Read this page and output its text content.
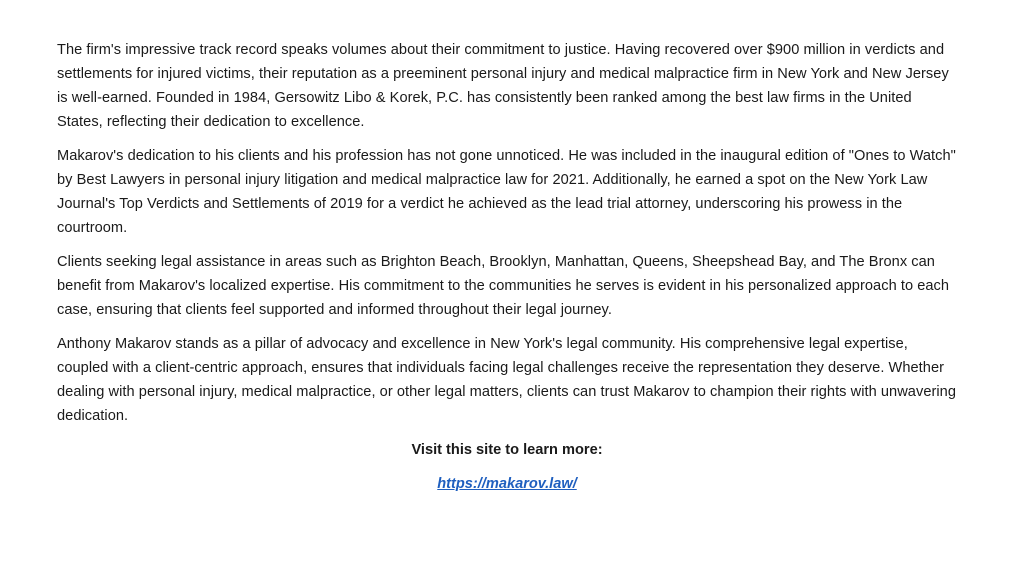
The firm's impressive track record speaks volumes about their commitment to justice. Having recovered over $900 million in verdicts and settlements for injured victims, their reputation as a preeminent personal injury and medical malpractice firm in New York and New Jersey is well-earned. Founded in 1984, Gersowitz Libo & Korek, P.C. has consistently been ranked among the best law firms in the United States, reflecting their dedication to excellence.

Makarov's dedication to his clients and his profession has not gone unnoticed. He was included in the inaugural edition of "Ones to Watch" by Best Lawyers in personal injury litigation and medical malpractice law for 2021. Additionally, he earned a spot on the New York Law Journal's Top Verdicts and Settlements of 2019 for a verdict he achieved as the lead trial attorney, underscoring his prowess in the courtroom.

Clients seeking legal assistance in areas such as Brighton Beach, Brooklyn, Manhattan, Queens, Sheepshead Bay, and The Bronx can benefit from Makarov's localized expertise. His commitment to the communities he serves is evident in his personalized approach to each case, ensuring that clients feel supported and informed throughout their legal journey.

Anthony Makarov stands as a pillar of advocacy and excellence in New York's legal community. His comprehensive legal expertise, coupled with a client-centric approach, ensures that individuals facing legal challenges receive the representation they deserve. Whether dealing with personal injury, medical malpractice, or other legal matters, clients can trust Makarov to champion their rights with unwavering dedication.

Visit this site to learn more:

https://makarov.law/
